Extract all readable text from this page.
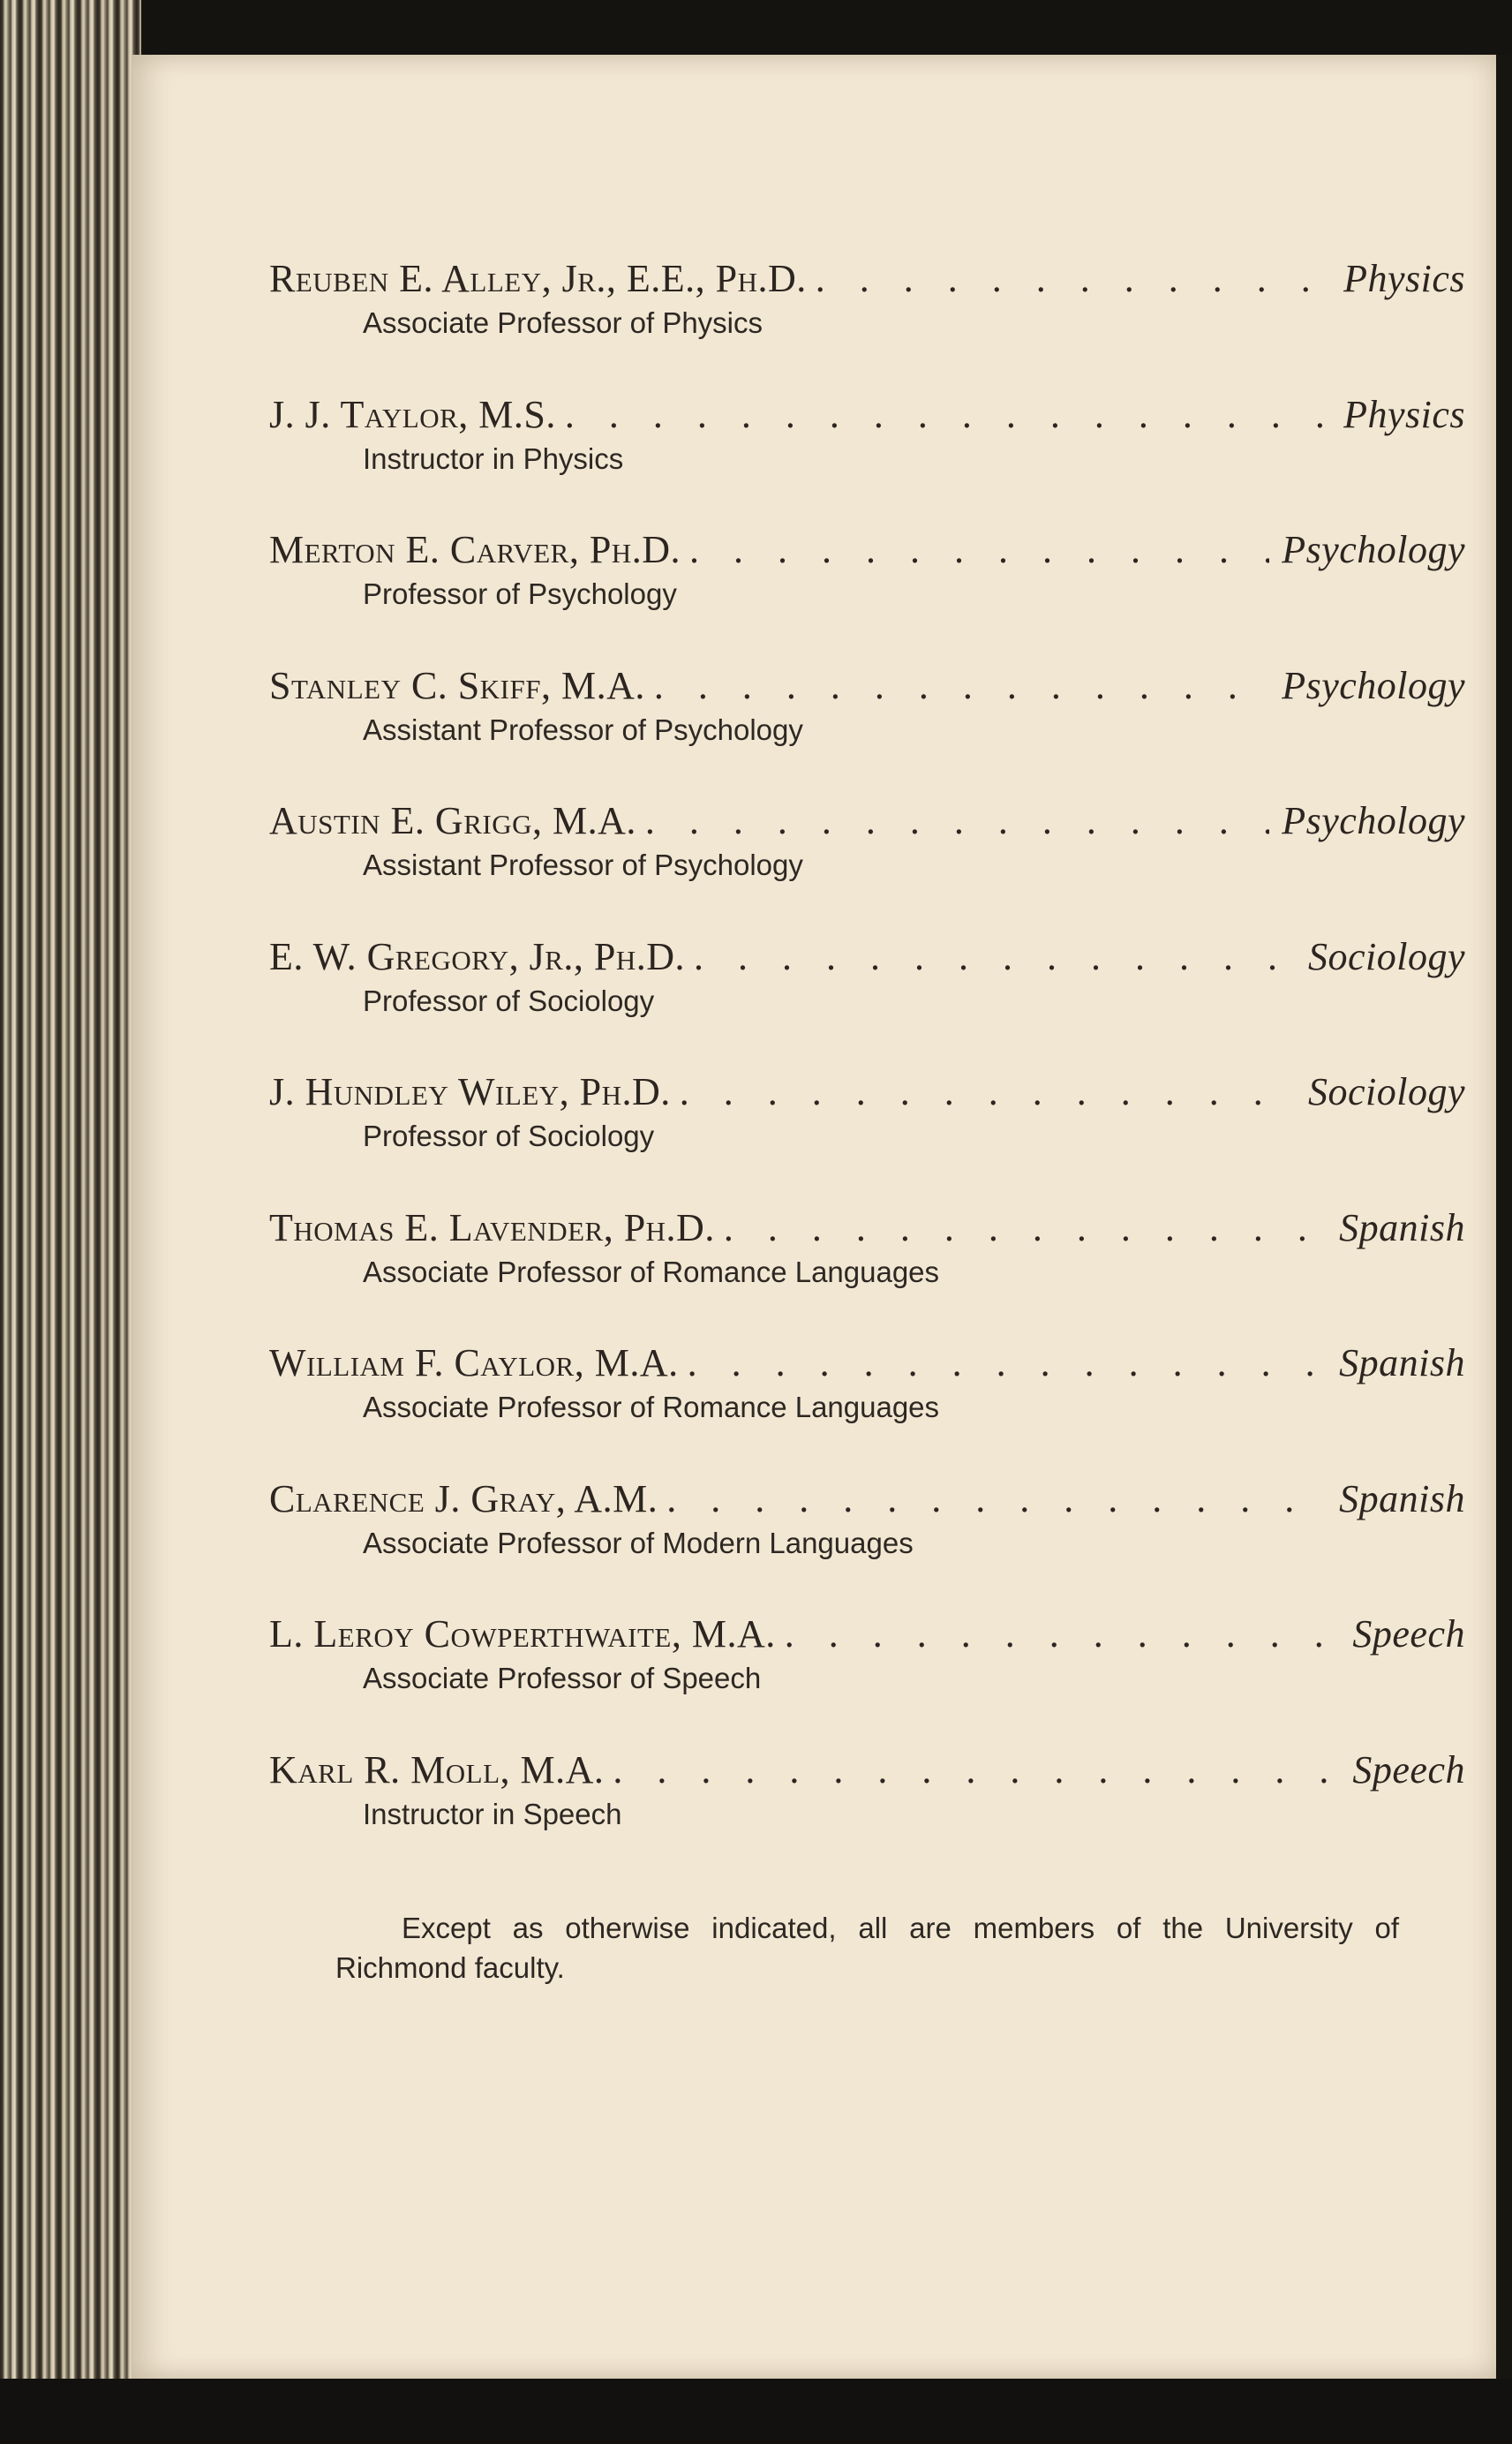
Reuben E. Alley, Jr., E.E., Ph.D. . . .	Physics
Associate Professor of Physics
J. J. Taylor, M.S. . . .	Physics
Instructor in Physics
Merton E. Carver, Ph.D. . . .	Psychology
Professor of Psychology
Stanley C. Skiff, M.A. . . .	Psychology
Assistant Professor of Psychology
Austin E. Grigg, M.A. . . .	Psychology
Assistant Professor of Psychology
E. W. Gregory, Jr., Ph.D. . . .	Sociology
Professor of Sociology
J. Hundley Wiley, Ph.D. . . .	Sociology
Professor of Sociology
Thomas E. Lavender, Ph.D. . . .	Spanish
Associate Professor of Romance Languages
William F. Caylor, M.A. . . .	Spanish
Associate Professor of Romance Languages
Clarence J. Gray, A.M. . . .	Spanish
Associate Professor of Modern Languages
L. Leroy Cowperthwaite, M.A. . . .	Speech
Associate Professor of Speech
Karl R. Moll, M.A. . . .	Speech
Instructor in Speech

Except as otherwise indicated, all are members of the University of Richmond faculty.
